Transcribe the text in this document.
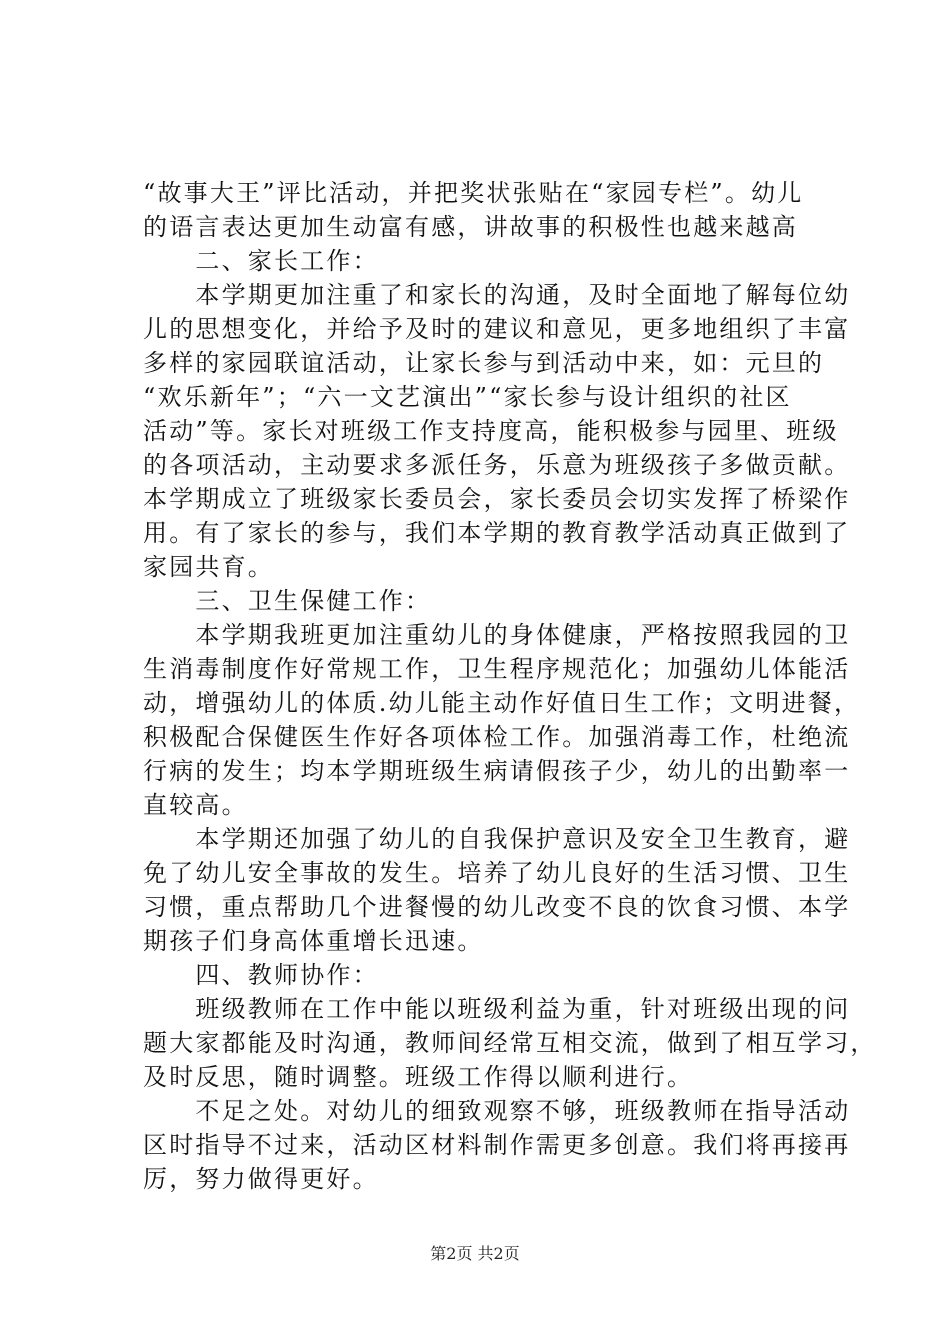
“故事大王”评比活动，并把奖状张贴在“家园专栏”。幼儿
的语言表达更加生动富有感，讲故事的积极性也越来越高
　　二、家长工作：
　　本学期更加注重了和家长的沟通，及时全面地了解每位幼
儿的思想变化，并给予及时的建议和意见，更多地组织了丰富
多样的家园联谊活动，让家长参与到活动中来，如：元旦的
“欢乐新年”；“六一文艺演出”“家长参与设计组织的社区
活动”等。家长对班级工作支持度高，能积极参与园里、班级
的各项活动，主动要求多派任务，乐意为班级孩子多做贡献。
本学期成立了班级家长委员会，家长委员会切实发挥了桥梁作
用。有了家长的参与，我们本学期的教育教学活动真正做到了
家园共育。
　　三、卫生保健工作：
　　本学期我班更加注重幼儿的身体健康，严格按照我园的卫
生消毒制度作好常规工作，卫生程序规范化；加强幼儿体能活
动，增强幼儿的体质.幼儿能主动作好值日生工作；文明进餐，
积极配合保健医生作好各项体检工作。加强消毒工作，杜绝流
行病的发生；均本学期班级生病请假孩子少，幼儿的出勤率一
直较高。
　　本学期还加强了幼儿的自我保护意识及安全卫生教育，避
免了幼儿安全事故的发生。培养了幼儿良好的生活习惯、卫生
习惯，重点帮助几个进餐慢的幼儿改变不良的饮食习惯、本学
期孩子们身高体重增长迅速。
　　四、教师协作：
　　班级教师在工作中能以班级利益为重，针对班级出现的问
题大家都能及时沟通，教师间经常互相交流，做到了相互学习，
及时反思，随时调整。班级工作得以顺利进行。
　　不足之处。对幼儿的细致观察不够，班级教师在指导活动
区时指导不过来，活动区材料制作需更多创意。我们将再接再
厉，努力做得更好。
第2页 共2页
